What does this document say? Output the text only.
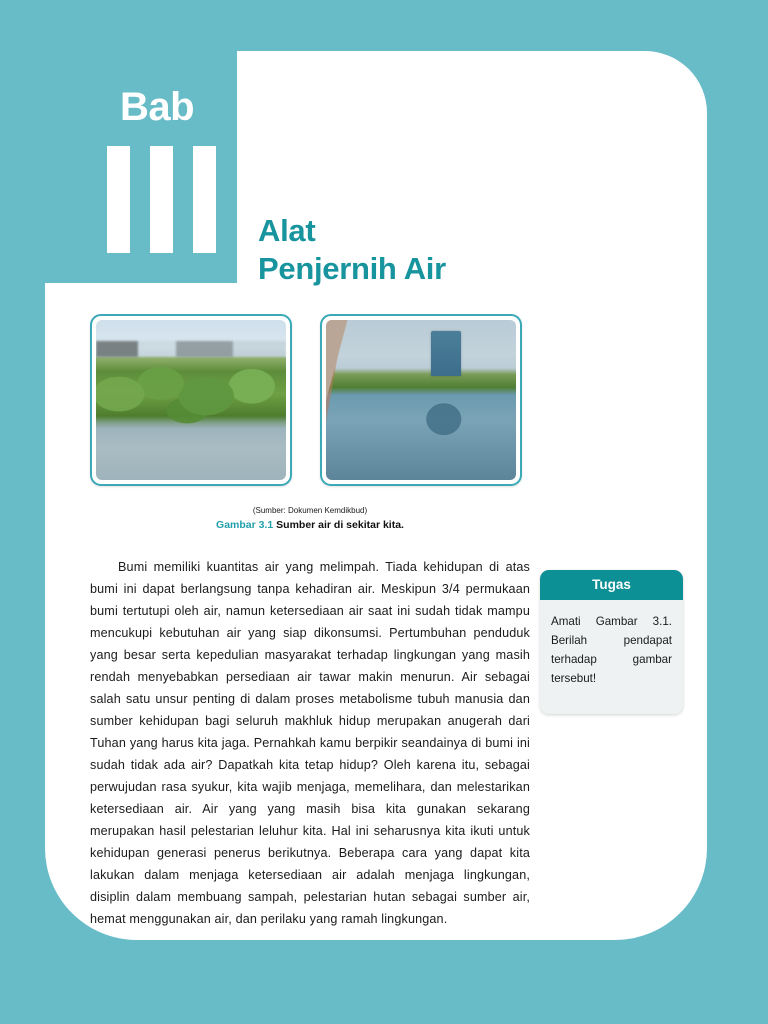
Bab
Alat
Penjernih Air
(Sumber: Dokumen Kemdikbud)
Gambar 3.1 Sumber air di sekitar kita.
Bumi memiliki kuantitas air yang melimpah. Tiada kehidupan di atas bumi ini dapat berlangsung tanpa kehadiran air. Meskipun 3/4 permukaan bumi tertutupi oleh air, namun ketersediaan air saat ini sudah tidak mampu mencukupi kebutuhan air yang siap dikonsumsi. Pertumbuhan penduduk yang besar serta kepedulian masyarakat terhadap lingkungan yang masih rendah menyebabkan persediaan air tawar makin menurun. Air sebagai salah satu unsur penting di dalam proses metabolisme tubuh manusia dan sumber kehidupan bagi seluruh makhluk hidup merupakan anugerah dari Tuhan yang harus kita jaga. Pernahkah kamu berpikir seandainya di bumi ini sudah tidak ada air? Dapatkah kita tetap hidup? Oleh karena itu, sebagai perwujudan rasa syukur, kita wajib menjaga, memelihara, dan melestarikan ketersediaan air. Air yang yang masih bisa kita gunakan sekarang merupakan hasil pelestarian leluhur kita. Hal ini seharusnya kita ikuti untuk kehidupan generasi penerus berikutnya. Beberapa cara yang dapat kita lakukan dalam menjaga ketersediaan air adalah menjaga lingkungan, disiplin dalam membuang sampah, pelestarian hutan sebagai sumber air, hemat menggunakan air, dan perilaku yang ramah lingkungan.
Tugas
Amati Gambar 3.1. Berilah pendapat terhadap gambar tersebut!
